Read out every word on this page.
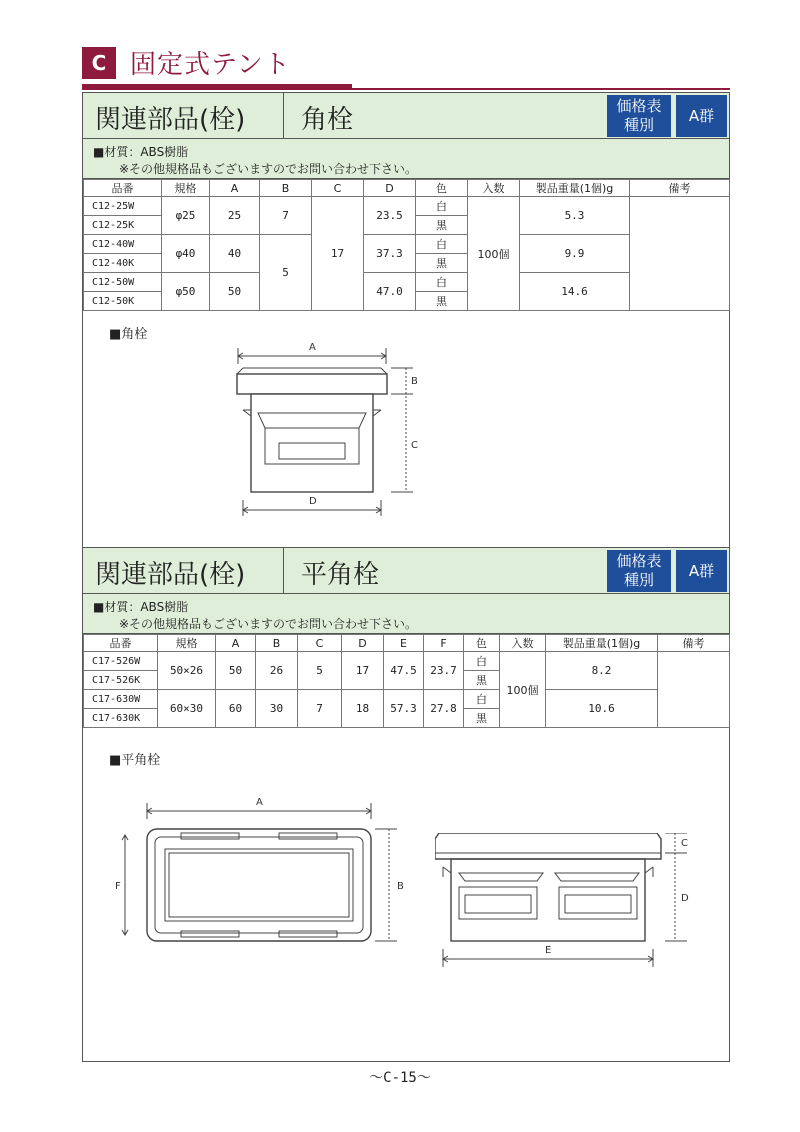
C 固定式テント
関連部品(栓) 角栓	価格表
種別	A群
■材質：ABS樹脂
※その他規格品もございますのでお問い合わせ下さい。
品番	規格	A	B	C	D	色	入数	製品重量(1個)g	備考
C12-25W	φ25	25	7	17	23.5	白	100個	5.3	
C12-25K						黒			
C12-40W	φ40	40	5		37.3	白		9.9	
C12-40K						黒			
C12-50W	φ50	50			47.0	白		14.6	
C12-50K						黒			
■角栓
A
B
C
D
関連部品(栓) 平角栓	価格表
種別	A群
■材質：ABS樹脂
※その他規格品もございますのでお問い合わせ下さい。
品番	規格	A	B	C	D	E	F	色	入数	製品重量(1個)g	備考
C17-526W	50×26	50	26	5	17	47.5	23.7	白	100個	8.2	
C17-526K								黒			
C17-630W	60×30	60	30	7	18	57.3	27.8	白		10.6	
C17-630K								黒			
■平角栓
A
F	B
C
D
E
～C-15～
